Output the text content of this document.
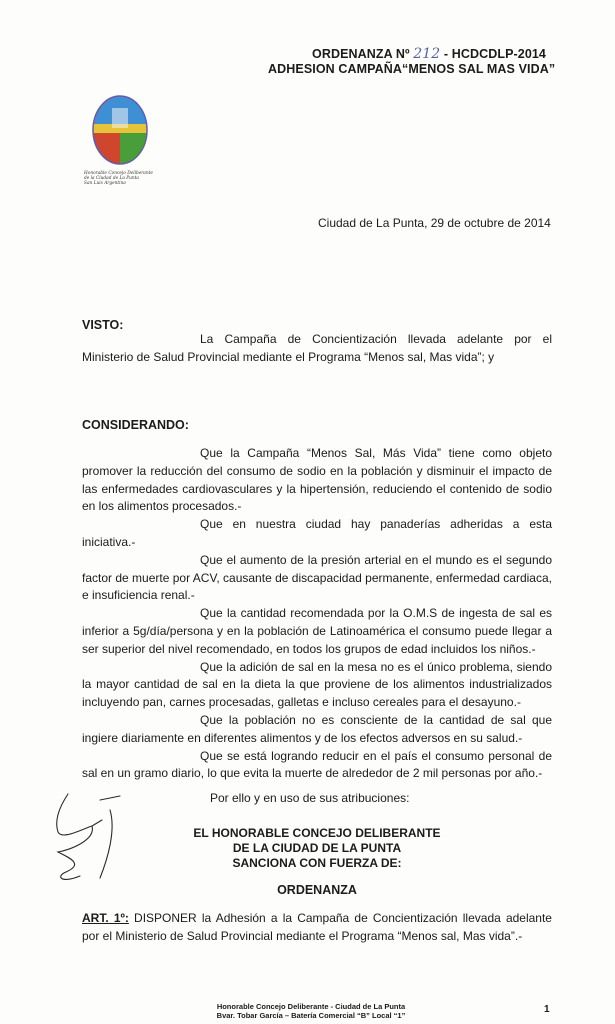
ORDENANZA Nº 212 - HCDCDLP-2014
ADHESION CAMPAÑA“MENOS SAL MAS VIDA”
Honorable Concejo Deliberante
de la Ciudad de La Punta
San Luis Argentina
Ciudad de La Punta, 29 de octubre de 2014
VISTO:
La Campaña de Concientización llevada adelante por el Ministerio de Salud Provincial mediante el Programa “Menos sal, Mas vida”; y
CONSIDERANDO:
Que la Campaña “Menos Sal, Más Vida” tiene como objeto promover la reducción del consumo de sodio en la población y disminuir el impacto de las enfermedades cardiovasculares y la hipertensión, reduciendo el contenido de sodio en los alimentos procesados.-
Que en nuestra ciudad hay panaderías adheridas a esta iniciativa.-
Que el aumento de la presión arterial en el mundo es el segundo factor de muerte por ACV, causante de discapacidad permanente, enfermedad cardiaca, e insuficiencia renal.-
Que la cantidad recomendada por la O.M.S de ingesta de sal es inferior a 5g/día/persona y en la población de Latinoamérica el consumo puede llegar a ser superior del nivel recomendado, en todos los grupos de edad incluidos los niños.-
Que la adición de sal en la mesa no es el único problema, siendo la mayor cantidad de sal en la dieta la que proviene de los alimentos industrializados incluyendo pan, carnes procesadas, galletas e incluso cereales para el desayuno.-
Que la población no es consciente de la cantidad de sal que ingiere diariamente en diferentes alimentos y de los efectos adversos en su salud.-
Que se está logrando reducir en el país el consumo personal de sal en un gramo diario, lo que evita la muerte de alrededor de 2 mil personas por año.-
Por ello y en uso de sus atribuciones:
EL HONORABLE CONCEJO DELIBERANTE
DE LA CIUDAD DE LA PUNTA
SANCIONA CON FUERZA DE:
ORDENANZA
ART. 1º: DISPONER la Adhesión a la Campaña de Concientización llevada adelante por el Ministerio de Salud Provincial mediante el Programa “Menos sal, Mas vida”.-
Honorable Concejo Deliberante - Ciudad de La Punta
Bvar. Tobar García – Batería Comercial “B” Local “1”
1
